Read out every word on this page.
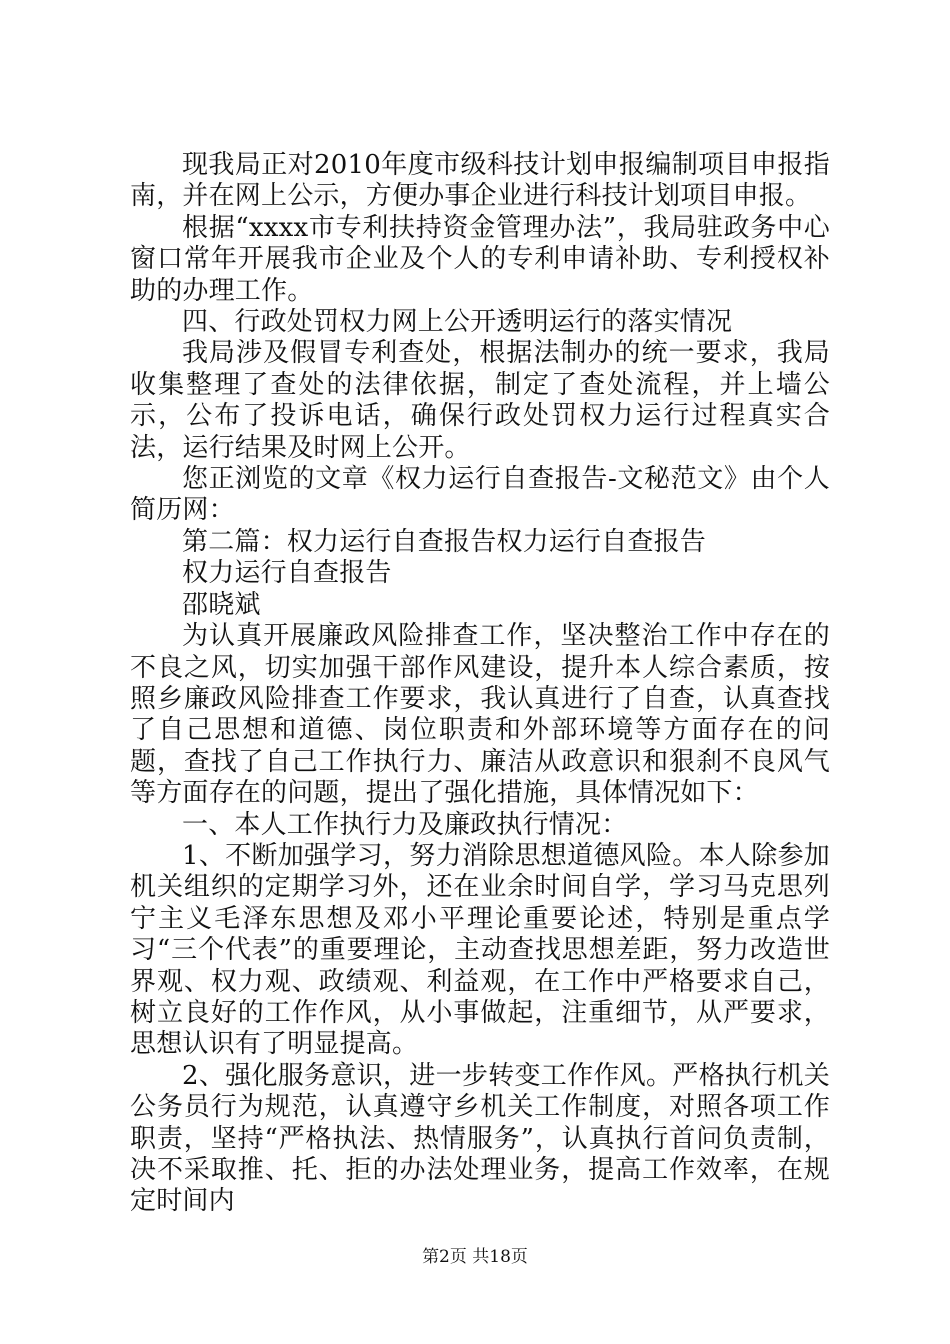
现我局正对2010年度市级科技计划申报编制项目申报指南，并在网上公示，方便办事企业进行科技计划项目申报。

根据“xxxx市专利扶持资金管理办法”，我局驻政务中心窗口常年开展我市企业及个人的专利申请补助、专利授权补助的办理工作。

四、行政处罚权力网上公开透明运行的落实情况

我局涉及假冒专利查处，根据法制办的统一要求，我局收集整理了查处的法律依据，制定了查处流程，并上墙公示，公布了投诉电话，确保行政处罚权力运行过程真实合法，运行结果及时网上公开。

您正浏览的文章《权力运行自查报告-文秘范文》由个人简历网：

第二篇：权力运行自查报告权力运行自查报告

权力运行自查报告

邵晓斌

为认真开展廉政风险排查工作，坚决整治工作中存在的不良之风，切实加强干部作风建设，提升本人综合素质，按照乡廉政风险排查工作要求，我认真进行了自查，认真查找了自己思想和道德、岗位职责和外部环境等方面存在的问题，查找了自己工作执行力、廉洁从政意识和狠刹不良风气等方面存在的问题，提出了强化措施，具体情况如下：

一、本人工作执行力及廉政执行情况：

1、不断加强学习，努力消除思想道德风险。本人除参加机关组织的定期学习外，还在业余时间自学，学习马克思列宁主义毛泽东思想及邓小平理论重要论述，特别是重点学习“三个代表”的重要理论，主动查找思想差距，努力改造世界观、权力观、政绩观、利益观，在工作中严格要求自己，树立良好的工作作风，从小事做起，注重细节，从严要求，思想认识有了明显提高。

2、强化服务意识，进一步转变工作作风。严格执行机关公务员行为规范，认真遵守乡机关工作制度，对照各项工作职责，坚持“严格执法、热情服务”，认真执行首问负责制，决不采取推、托、拒的办法处理业务，提高工作效率，在规定时间内

第2页 共18页
